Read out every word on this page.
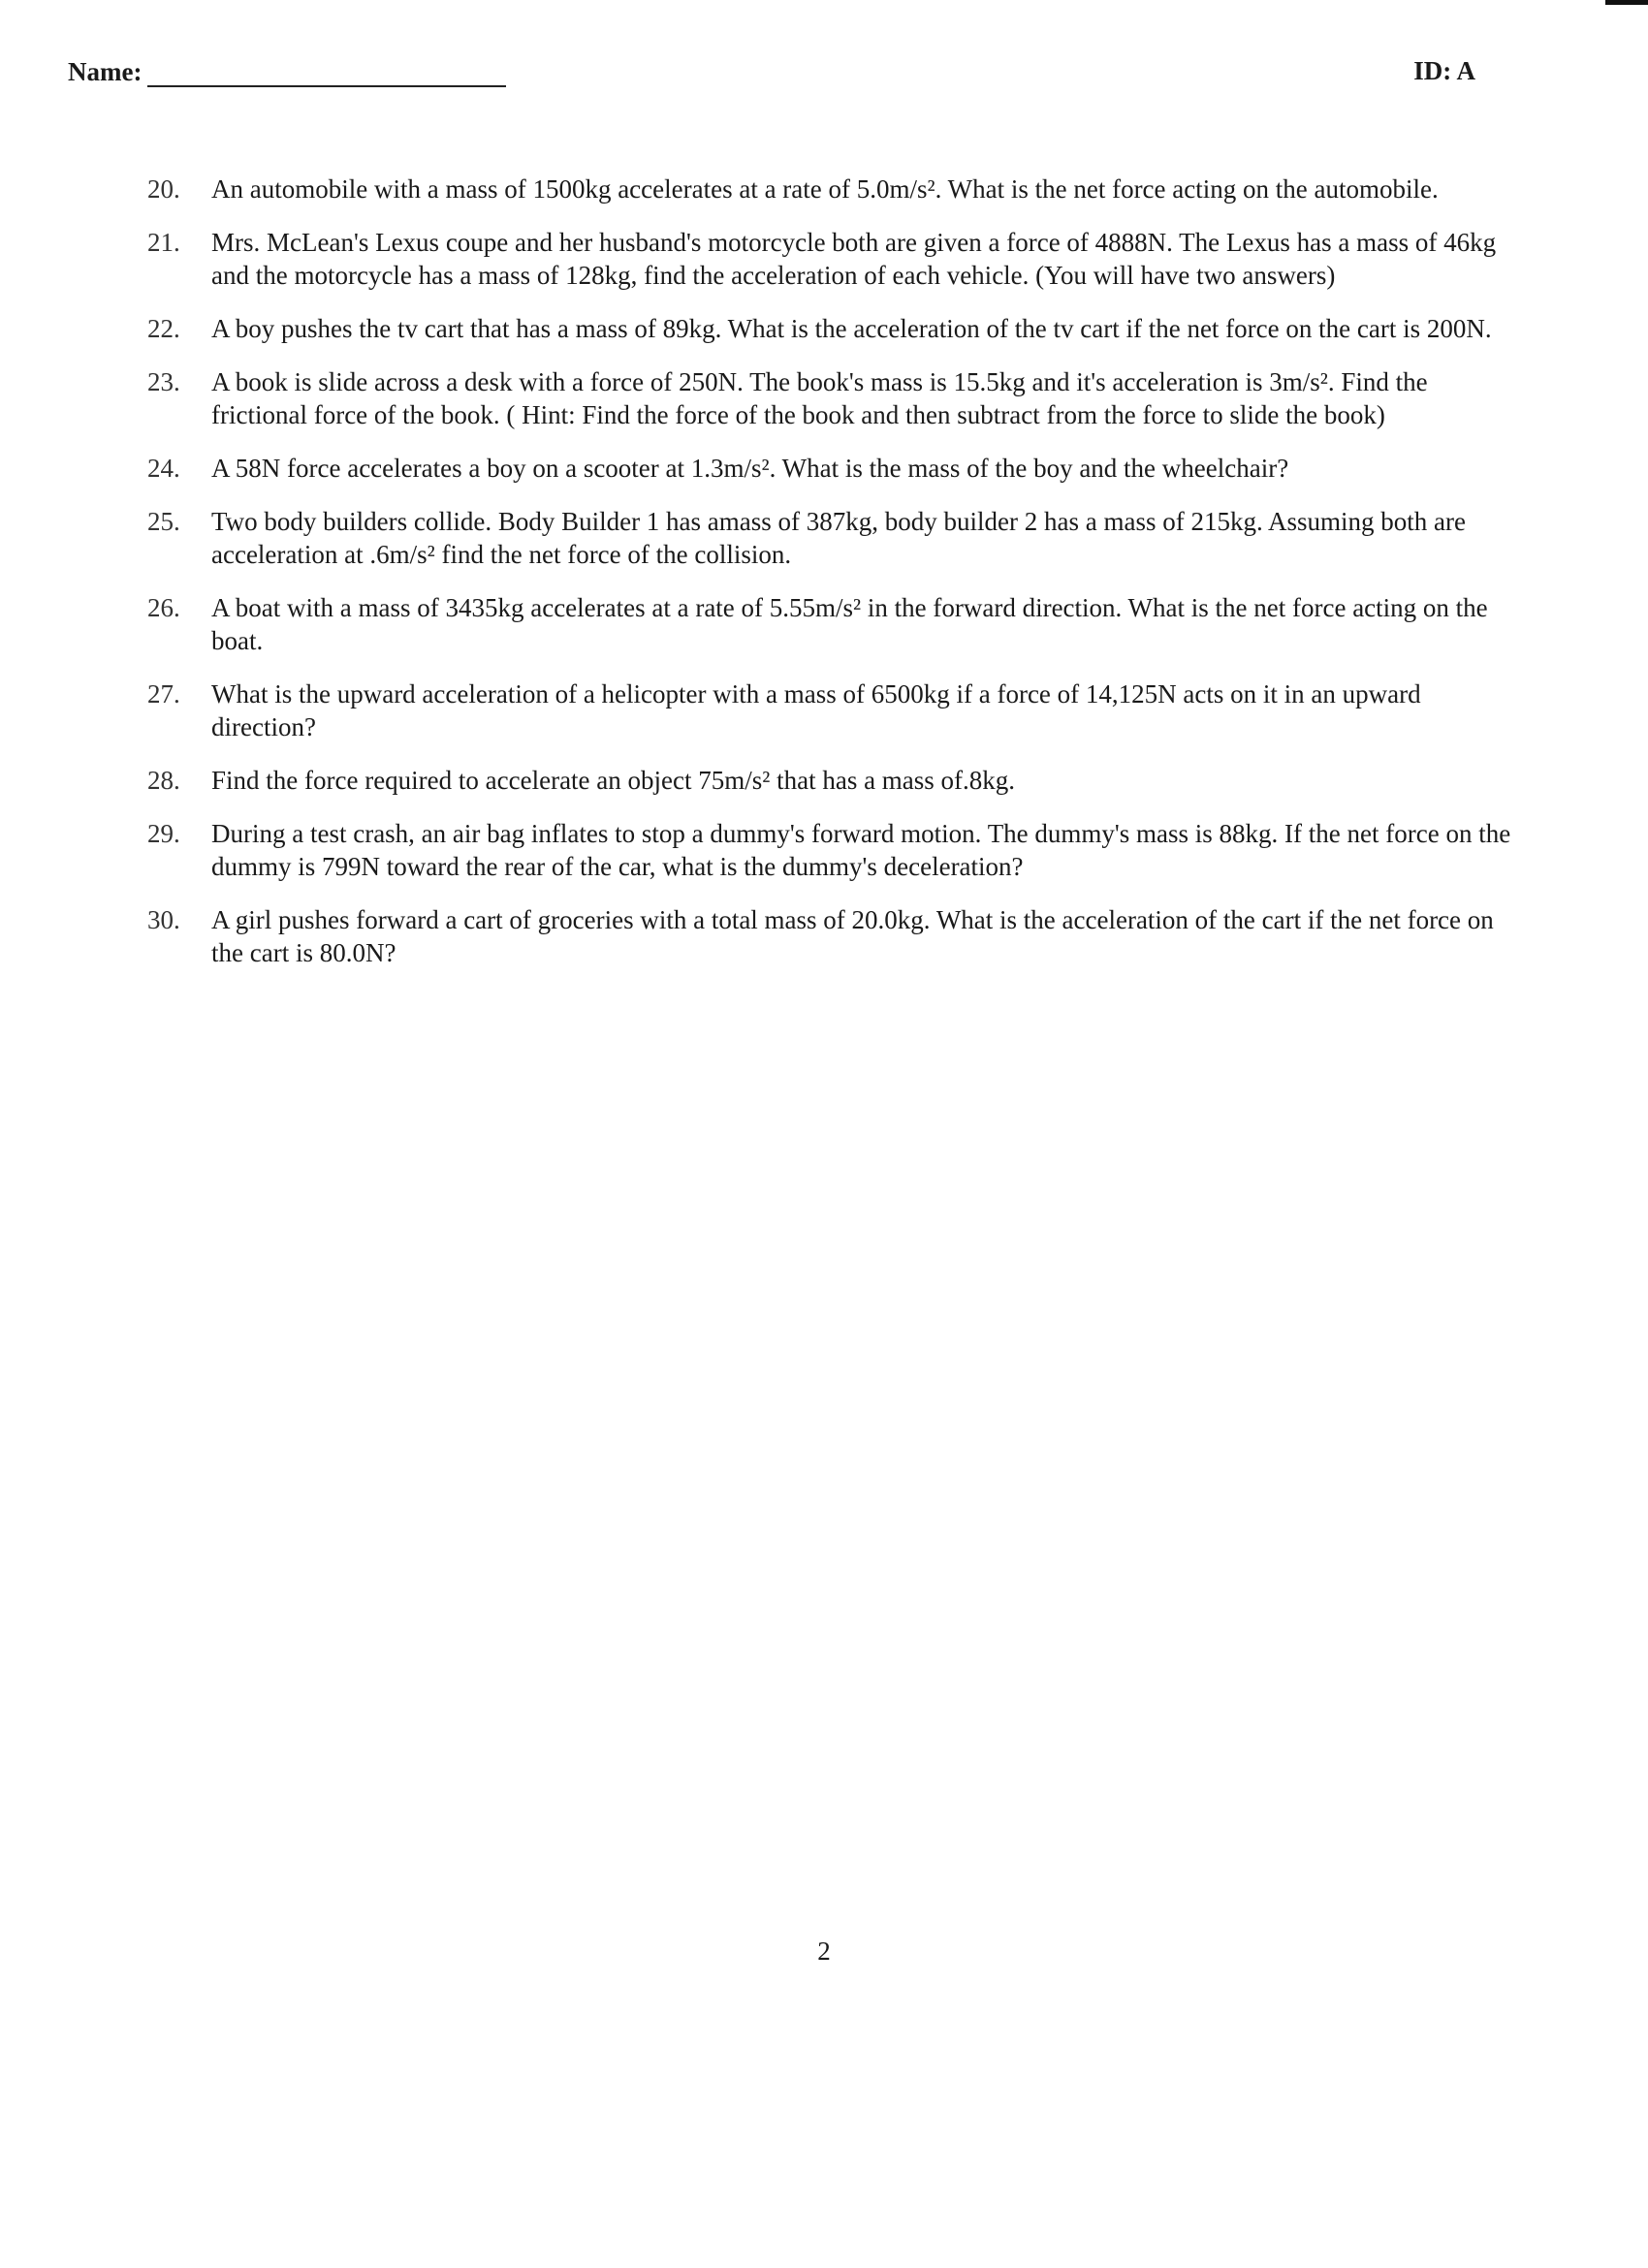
Name:	ID: A
20.	An automobile with a mass of 1500kg accelerates at a rate of 5.0m/s². What is the net force acting on the automobile.
21.	Mrs. McLean's Lexus coupe and her husband's motorcycle both are given a force of 4888N. The Lexus has a mass of 46kg and the motorcycle has a mass of 128kg, find the acceleration of each vehicle. (You will have two answers)
22.	A boy pushes the tv cart that has a mass of 89kg. What is the acceleration of the tv cart if the net force on the cart is 200N.
23.	A book is slide across a desk with a force of 250N. The book's mass is 15.5kg and it's acceleration is 3m/s². Find the frictional force of the book. ( Hint: Find the force of the book and then subtract from the force to slide the book)
24.	A 58N force accelerates a boy on a scooter at 1.3m/s². What is the mass of the boy and the wheelchair?
25.	Two body builders collide. Body Builder 1 has amass of 387kg, body builder 2 has a mass of 215kg. Assuming both are acceleration at .6m/s² find the net force of the collision.
26.	A boat with a mass of 3435kg accelerates at a rate of 5.55m/s² in the forward direction. What is the net force acting on the boat.
27.	What is the upward acceleration of a helicopter with a mass of 6500kg if a force of 14,125N acts on it in an upward direction?
28.	Find the force required to accelerate an object 75m/s² that has a mass of.8kg.
29.	During a test crash, an air bag inflates to stop a dummy's forward motion. The dummy's mass is 88kg. If the net force on the dummy is 799N toward the rear of the car, what is the dummy's deceleration?
30.	A girl pushes forward a cart of groceries with a total mass of 20.0kg. What is the acceleration of the cart if the net force on the cart is 80.0N?
2
